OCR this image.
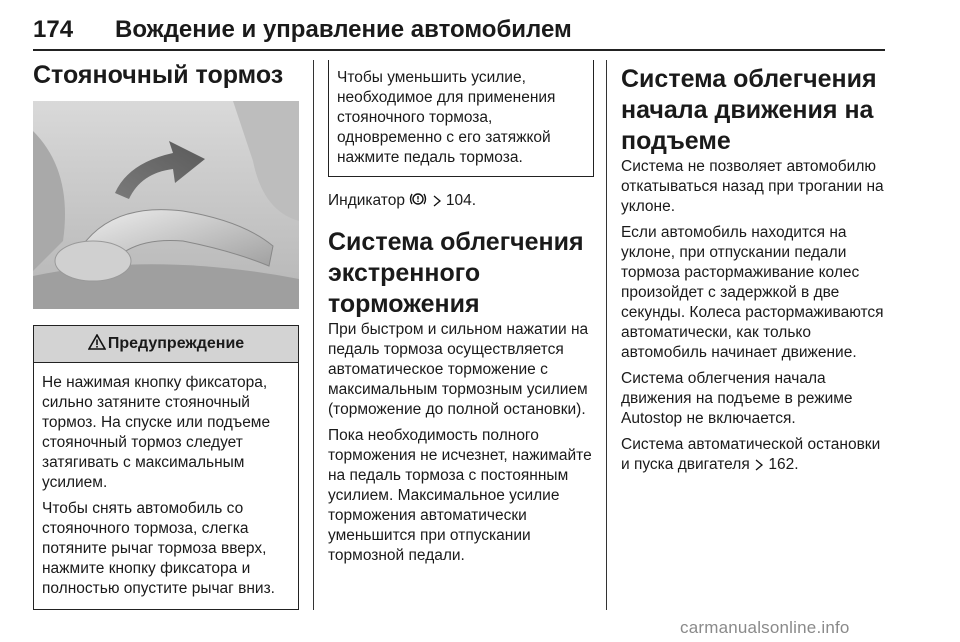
174 Вождение и управление автомобилем
Стояночный тормоз
Предупреждение

Не нажимая кнопку фиксатора, сильно затяните стояночный тормоз. На спуске или подъеме стояночный тормоз следует затягивать с максимальным усилием.

Чтобы снять автомобиль со стояночного тормоза, слегка потяните рычаг тормоза вверх, нажмите кнопку фиксатора и полностью опустите рычаг вниз.

Чтобы уменьшить усилие, необходимое для применения стояночного тормоза, одновременно с его затяжкой нажмите педаль тормоза.

Индикатор	104.

Система облегчения экстренного торможения

При быстром и сильном нажатии на педаль тормоза осуществляется автоматическое торможение с максимальным тормозным усилием (торможение до полной остановки).

Пока необходимость полного торможения не исчезнет, нажимайте на педаль тормоза с постоянным усилием. Максимальное усилие торможения автоматически уменьшится при отпускании тормозной педали.

Система облегчения начала движения на подъеме

Система не позволяет автомобилю откатываться назад при трогании на уклоне.

Если автомобиль находится на уклоне, при отпускании педали тормоза растормаживание колес произойдет с задержкой в две секунды. Колеса растормаживаются автоматически, как только автомобиль начинает движение.

Система облегчения начала движения на подъеме в режиме Autostop не включается.

Система автоматической остановки и пуска двигателя 162.

carmanualsonline.info
